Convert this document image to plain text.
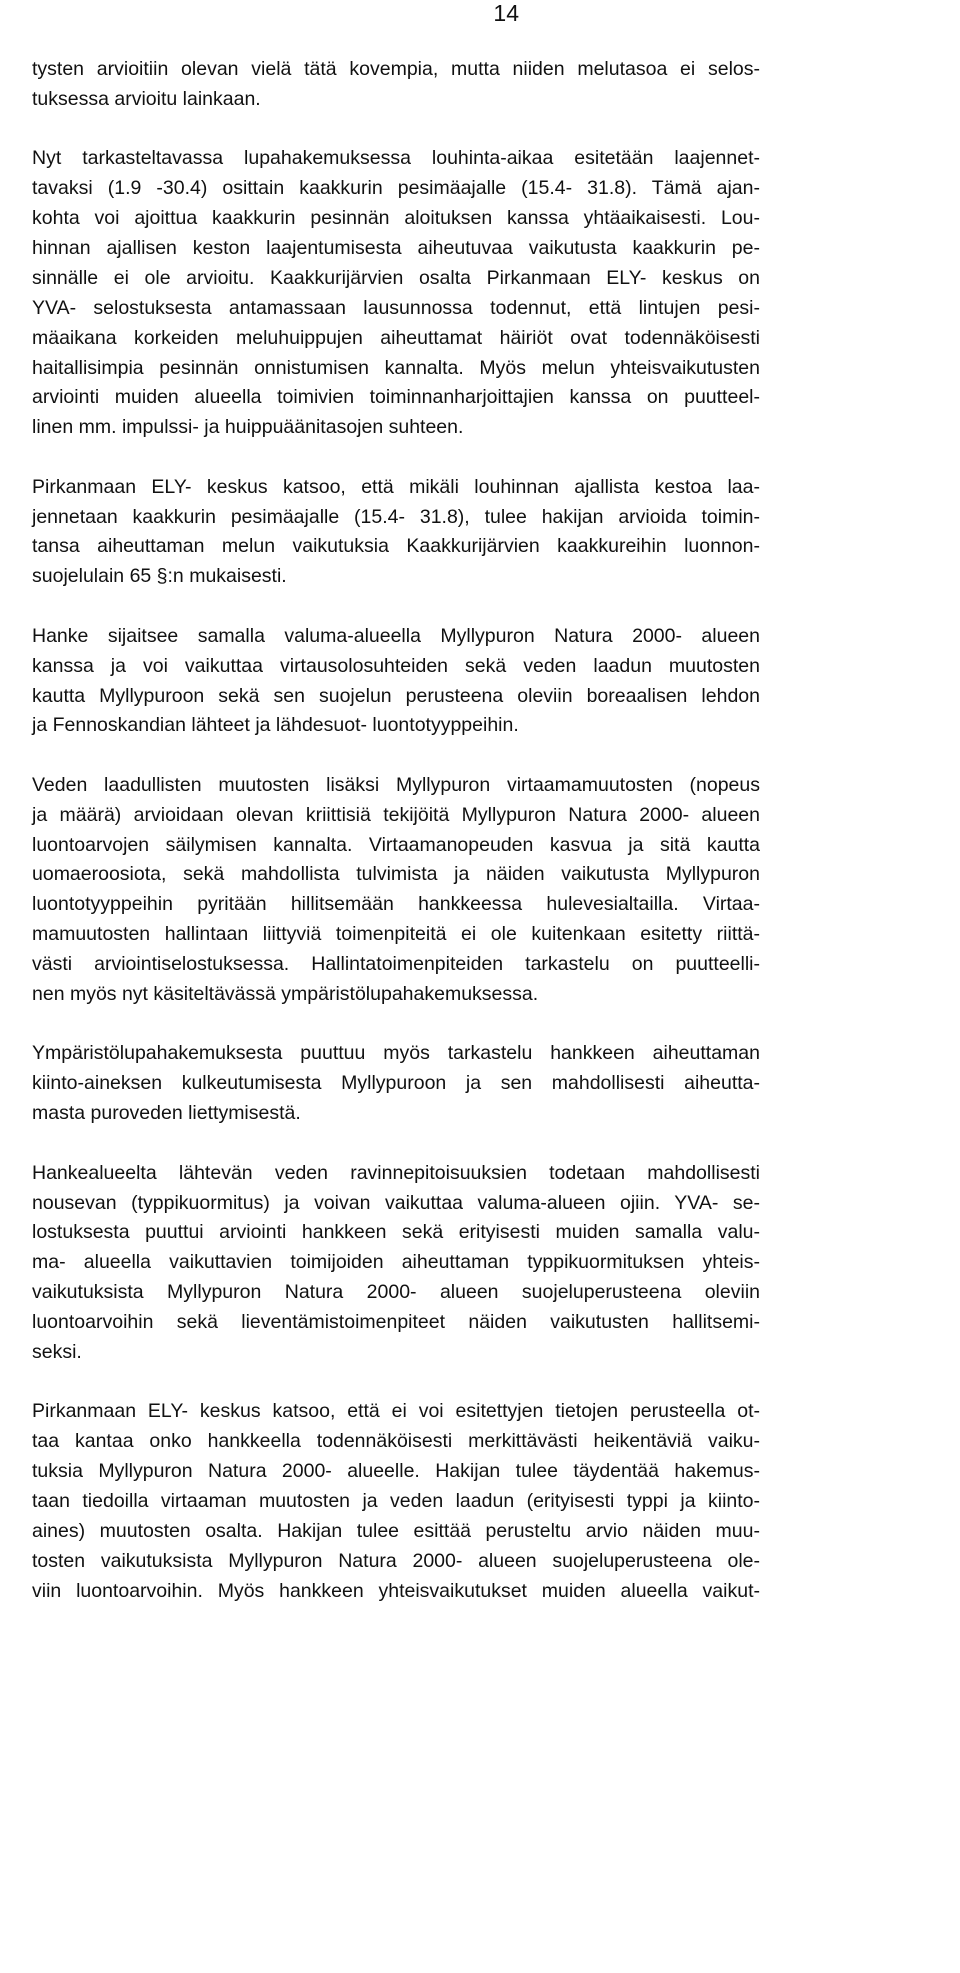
14
tysten arvioitiin olevan vielä tätä kovempia, mutta niiden melutasoa ei selos-
tuksessa arvioitu lainkaan.
Nyt tarkasteltavassa lupahakemuksessa louhinta-aikaa esitetään laajennet-
tavaksi (1.9 -30.4) osittain kaakkurin pesimäajalle (15.4- 31.8). Tämä ajan-
kohta voi ajoittua kaakkurin pesinnän aloituksen kanssa yhtäaikaisesti. Lou-
hinnan ajallisen keston laajentumisesta aiheutuvaa vaikutusta kaakkurin pe-
sinnälle ei ole arvioitu. Kaakkurijärvien osalta Pirkanmaan ELY- keskus on
YVA- selostuksesta antamassaan lausunnossa todennut, että lintujen pesi-
mäaikana korkeiden meluhuippujen aiheuttamat häiriöt ovat todennäköisesti
haitallisimpia pesinnän onnistumisen kannalta. Myös melun yhteisvaikutusten
arviointi muiden alueella toimivien toiminnanharjoittajien kanssa on puutteel-
linen mm. impulssi- ja huippuäänitasojen suhteen.
Pirkanmaan ELY- keskus katsoo, että mikäli louhinnan ajallista kestoa laa-
jennetaan kaakkurin pesimäajalle (15.4- 31.8), tulee hakijan arvioida toimin-
tansa aiheuttaman melun vaikutuksia Kaakkurijärvien kaakkureihin luonnon-
suojelulain 65 §:n mukaisesti.
Hanke sijaitsee samalla valuma-alueella Myllypuron Natura 2000- alueen
kanssa ja voi vaikuttaa virtausolosuhteiden sekä veden laadun muutosten
kautta Myllypuroon sekä sen suojelun perusteena oleviin boreaalisen lehdon
ja Fennoskandian lähteet ja lähdesuot- luontotyyppeihin.
Veden laadullisten muutosten lisäksi Myllypuron virtaamamuutosten (nopeus
ja määrä) arvioidaan olevan kriittisiä tekijöitä Myllypuron Natura 2000- alueen
luontoarvojen säilymisen kannalta. Virtaamanopeuden kasvua ja sitä kautta
uomaeroosiota, sekä mahdollista tulvimista ja näiden vaikutusta Myllypuron
luontotyyppeihin pyritään hillitsemään hankkeessa hulevesialtailla. Virtaa-
mamuutosten hallintaan liittyviä toimenpiteitä ei ole kuitenkaan esitetty riittä-
västi arviointiselostuksessa. Hallintatoimenpiteiden tarkastelu on puutteelli-
nen myös nyt käsiteltävässä ympäristölupahakemuksessa.
Ympäristölupahakemuksesta puuttuu myös tarkastelu hankkeen aiheuttaman
kiinto-aineksen kulkeutumisesta Myllypuroon ja sen mahdollisesti aiheutta-
masta puroveden liettymisestä.
Hankealueelta lähtevän veden ravinnepitoisuuksien todetaan mahdollisesti
nousevan (typpikuormitus) ja voivan vaikuttaa valuma-alueen ojiin. YVA- se-
lostuksesta puuttui arviointi hankkeen sekä erityisesti muiden samalla valu-
ma- alueella vaikuttavien toimijoiden aiheuttaman typpikuormituksen yhteis-
vaikutuksista Myllypuron Natura 2000- alueen suojeluperusteena oleviin
luontoarvoihin sekä lieventämistoimenpiteet näiden vaikutusten hallitsemi-
seksi.
Pirkanmaan ELY- keskus katsoo, että ei voi esitettyjen tietojen perusteella ot-
taa kantaa onko hankkeella todennäköisesti merkittävästi heikentäviä vaiku-
tuksia Myllypuron Natura 2000- alueelle. Hakijan tulee täydentää hakemus-
taan tiedoilla virtaaman muutosten ja veden laadun (erityisesti typpi ja kiinto-
aines) muutosten osalta. Hakijan tulee esittää perusteltu arvio näiden muu-
tosten vaikutuksista Myllypuron Natura 2000- alueen suojeluperusteena ole-
viin luontoarvoihin. Myös hankkeen yhteisvaikutukset muiden alueella vaikut-
